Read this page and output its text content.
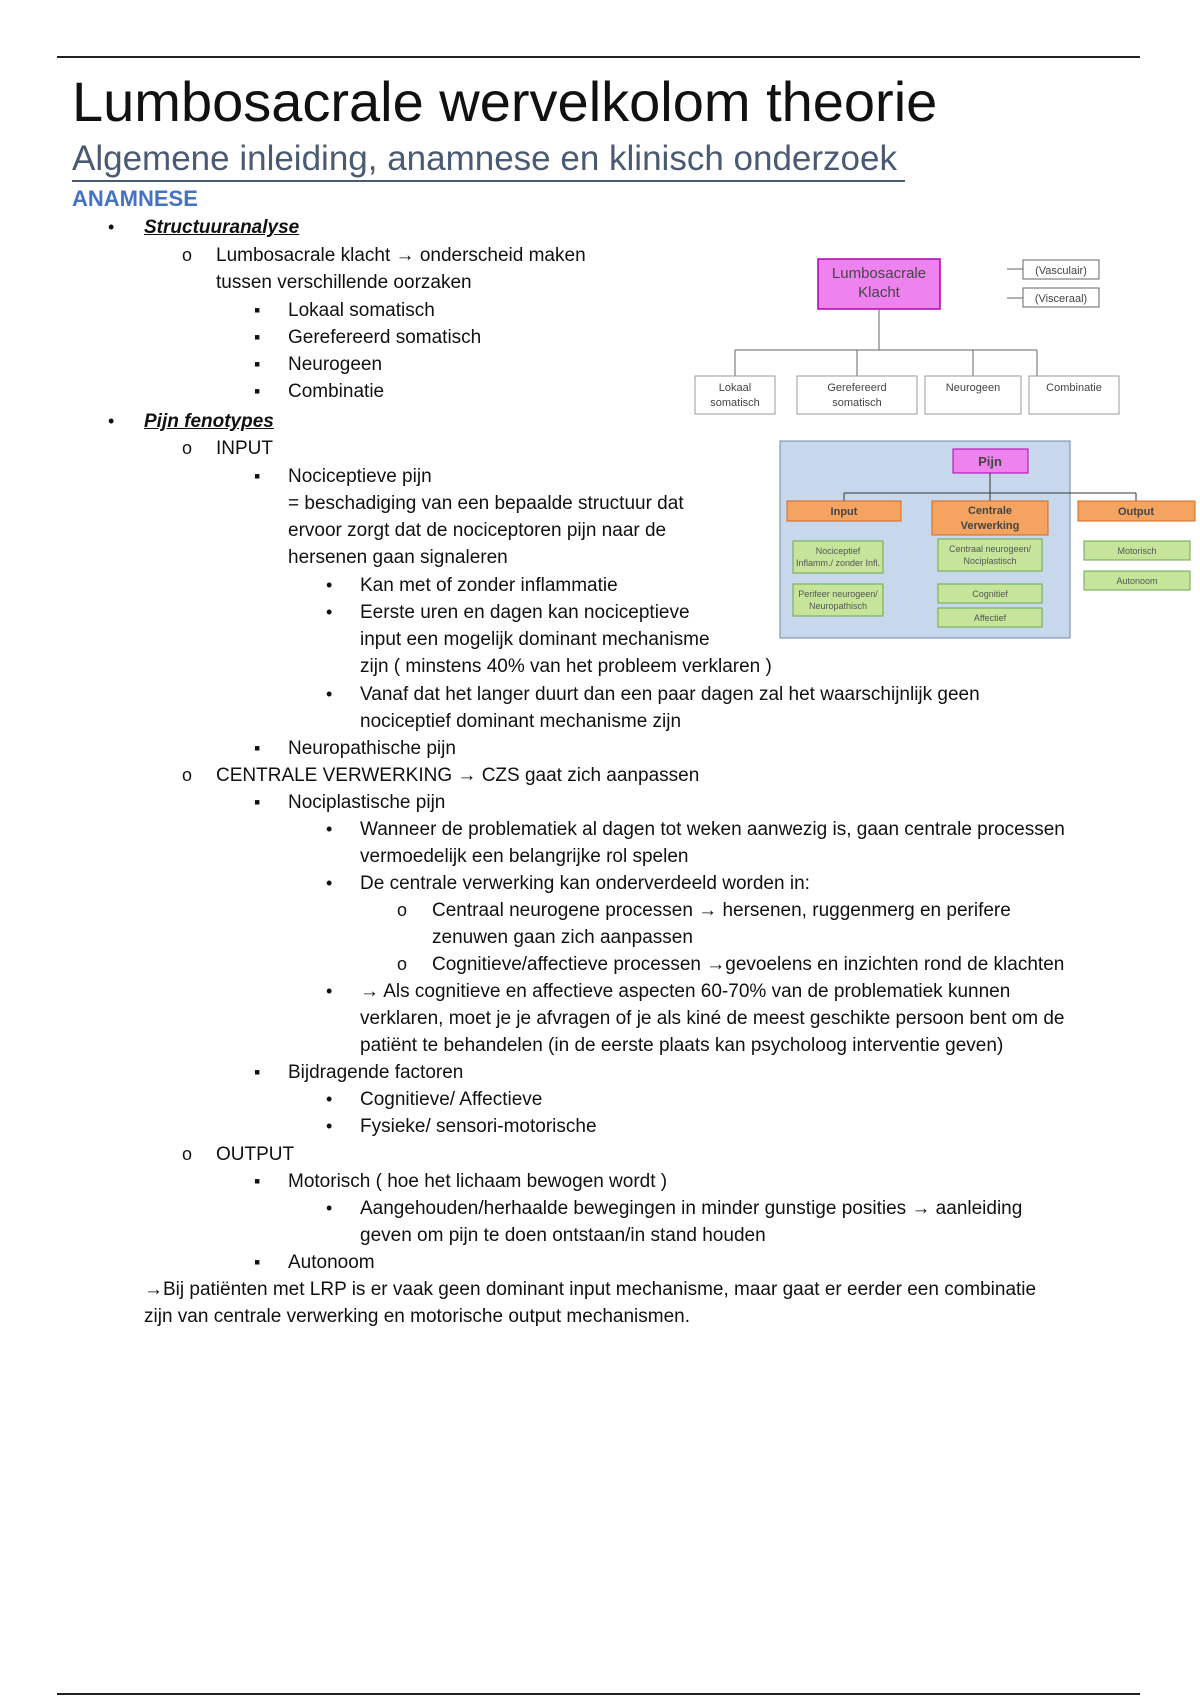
Lumbosacrale wervelkolom theorie
Algemene inleiding, anamnese en klinisch onderzoek
ANAMNESE
• Structuuranalyse
o Lumbosacrale klacht → onderscheid maken
tussen verschillende oorzaken
▪ Lokaal somatisch
▪ Gerefereerd somatisch
▪ Neurogeen
▪ Combinatie
• Pijn fenotypes
o INPUT
▪ Nociceptieve pijn
= beschadiging van een bepaalde structuur dat
ervoor zorgt dat de nociceptoren pijn naar de
hersenen gaan signaleren
• Kan met of zonder inflammatie
• Eerste uren en dagen kan nociceptieve
input een mogelijk dominant mechanisme
zijn ( minstens 40% van het probleem verklaren )
• Vanaf dat het langer duurt dan een paar dagen zal het waarschijnlijk geen
nociceptief dominant mechanisme zijn
▪ Neuropathische pijn
o CENTRALE VERWERKING → CZS gaat zich aanpassen
▪ Nociplastische pijn
• Wanneer de problematiek al dagen tot weken aanwezig is, gaan centrale processen
vermoedelijk een belangrijke rol spelen
• De centrale verwerking kan onderverdeeld worden in:
o Centraal neurogene processen → hersenen, ruggenmerg en perifere
zenuwen gaan zich aanpassen
o Cognitieve/affectieve processen →gevoelens en inzichten rond de klachten
• → Als cognitieve en affectieve aspecten 60-70% van de problematiek kunnen
verklaren, moet je je afvragen of je als kiné de meest geschikte persoon bent om de
patiënt te behandelen (in de eerste plaats kan psycholoog interventie geven)
▪ Bijdragende factoren
• Cognitieve/ Affectieve
• Fysieke/ sensori-motorische
o OUTPUT
▪ Motorisch ( hoe het lichaam bewogen wordt )
• Aangehouden/herhaalde bewegingen in minder gunstige posities → aanleiding
geven om pijn te doen ontstaan/in stand houden
▪ Autonoom
→Bij patiënten met LRP is er vaak geen dominant input mechanisme, maar gaat er eerder een combinatie
zijn van centrale verwerking en motorische output mechanismen.
Lumbosacrale
Klacht
(Vasculair)
(Visceraal)
Lokaal
somatisch
Gerefereerd
somatisch
Neurogeen	Combinatie
Pijn
Input	Centrale
Verwerking
Output
Nociceptief
Inflamm./ zonder Infl.
Perifeer neurogeen/
Neuropathisch
Centraal neurogeen/
Nociplastisch
Cognitief
Affectief
Motorisch
Autonoom
